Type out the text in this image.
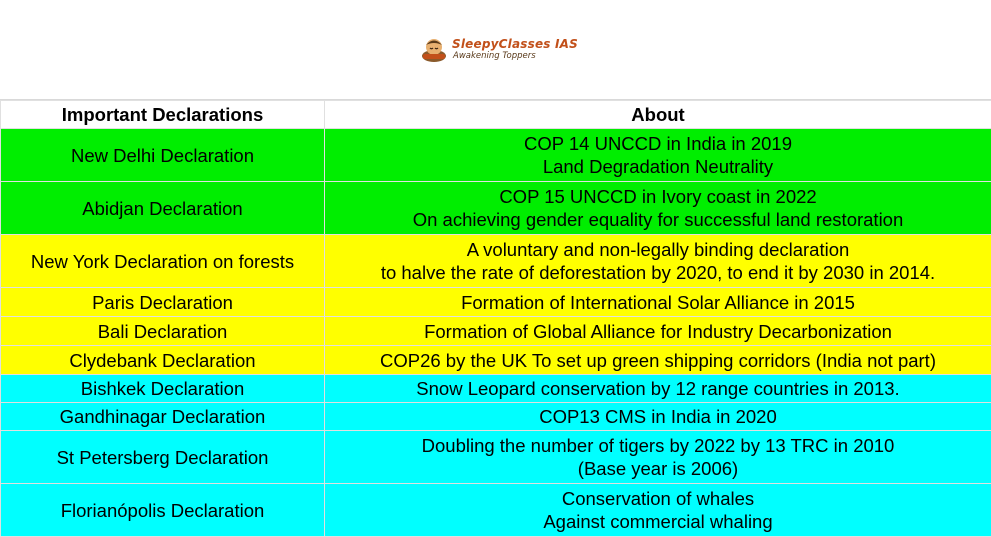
SleepyClasses IAS
Awakening Toppers
Important Declarations	About
New Delhi Declaration	COP 14 UNCCD in India in 2019
Land Degradation Neutrality

Abidjan Declaration	COP 15 UNCCD in Ivory coast in 2022
On achieving gender equality for successful land restoration

New York Declaration on forests	A voluntary and non-legally binding declaration
to halve the rate of deforestation by 2020, to end it by 2030 in 2014.

Paris Declaration	Formation of International Solar Alliance in 2015

Bali Declaration	Formation of Global Alliance for Industry Decarbonization

Clydebank Declaration	COP26 by the UK To set up green shipping corridors (India not part)

Bishkek Declaration	Snow Leopard conservation by 12 range countries in 2013.

Gandhinagar Declaration	COP13 CMS in India in 2020

St Petersberg Declaration	Doubling the number of tigers by 2022 by 13 TRC in 2010
(Base year is 2006)

Florianópolis Declaration	Conservation of whales
Against commercial whaling
